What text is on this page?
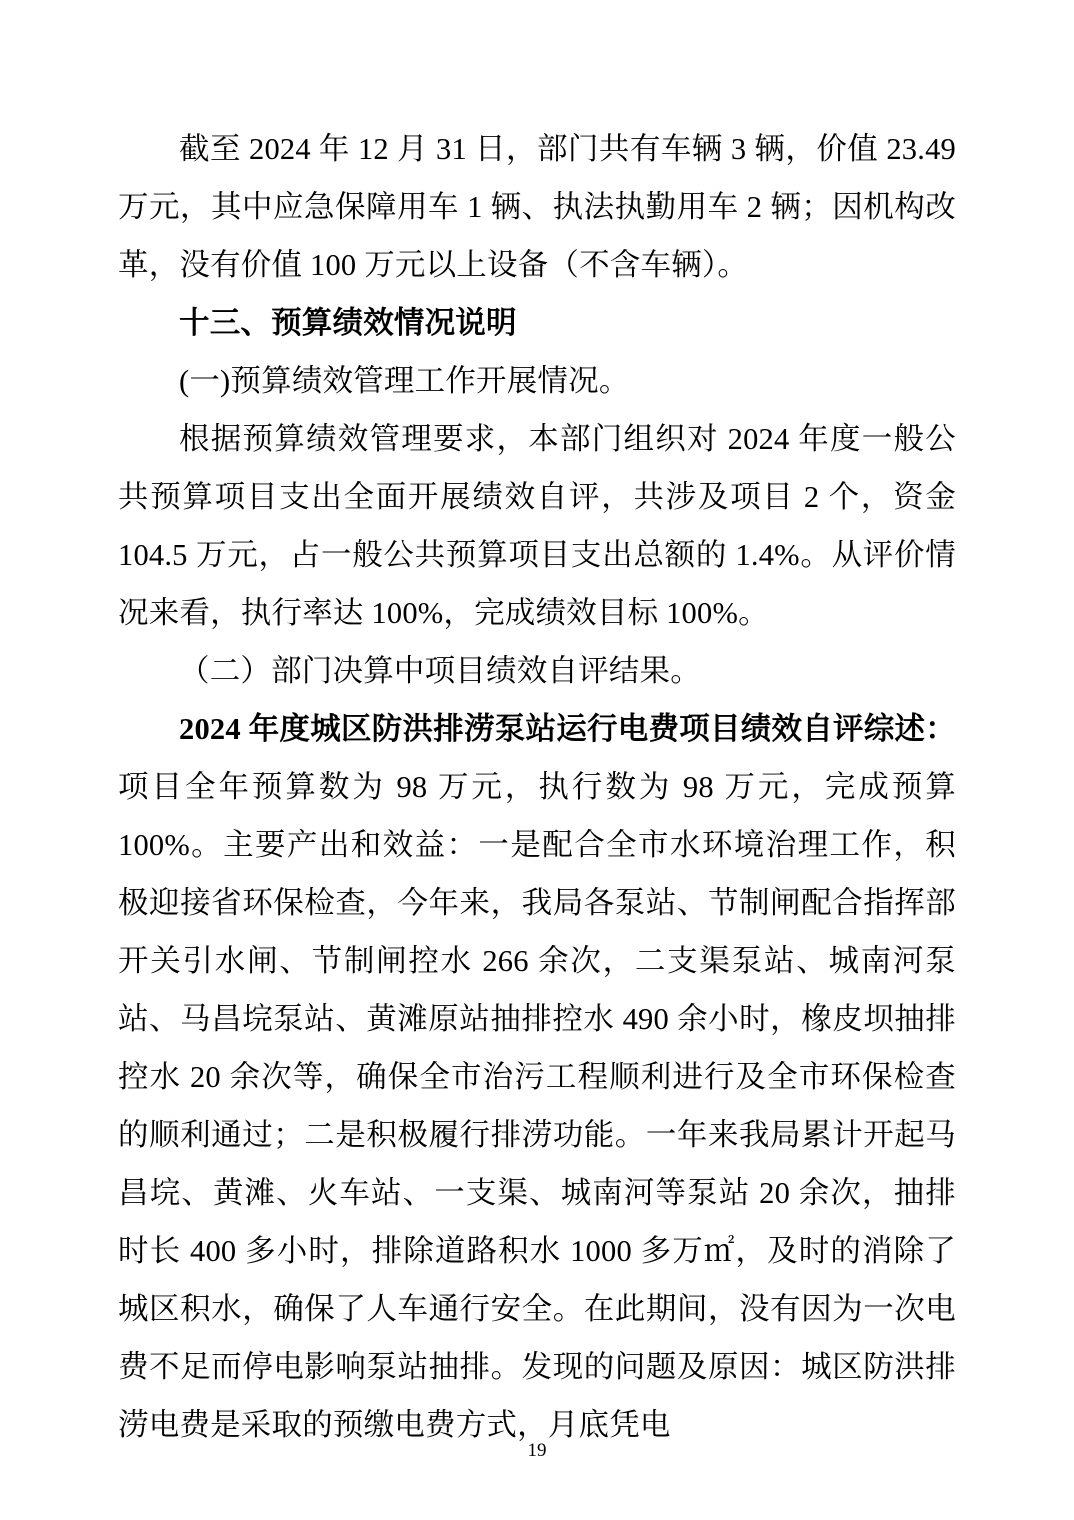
截至 2024 年 12 月 31 日，部门共有车辆 3 辆，价值 23.49 万元，其中应急保障用车 1 辆、执法执勤用车 2 辆；因机构改革，没有价值 100 万元以上设备（不含车辆）。

十三、预算绩效情况说明

(一)预算绩效管理工作开展情况。

根据预算绩效管理要求，本部门组织对 2024 年度一般公共预算项目支出全面开展绩效自评，共涉及项目 2 个，资金 104.5 万元，占一般公共预算项目支出总额的 1.4%。从评价情况来看，执行率达 100%，完成绩效目标 100%。

（二）部门决算中项目绩效自评结果。

2024 年度城区防洪排涝泵站运行电费项目绩效自评综述：项目全年预算数为 98 万元，执行数为 98 万元，完成预算 100%。主要产出和效益：一是配合全市水环境治理工作，积极迎接省环保检查，今年来，我局各泵站、节制闸配合指挥部开关引水闸、节制闸控水 266 余次，二支渠泵站、城南河泵站、马昌垸泵站、黄滩原站抽排控水 490 余小时，橡皮坝抽排控水 20 余次等，确保全市治污工程顺利进行及全市环保检查的顺利通过；二是积极履行排涝功能。一年来我局累计开起马昌垸、黄滩、火车站、一支渠、城南河等泵站 20 余次，抽排时长 400 多小时，排除道路积水 1000 多万㎡，及时的消除了城区积水，确保了人车通行安全。在此期间，没有因为一次电费不足而停电影响泵站抽排。发现的问题及原因：城区防洪排涝电费是采取的预缴电费方式，月底凭电

19
